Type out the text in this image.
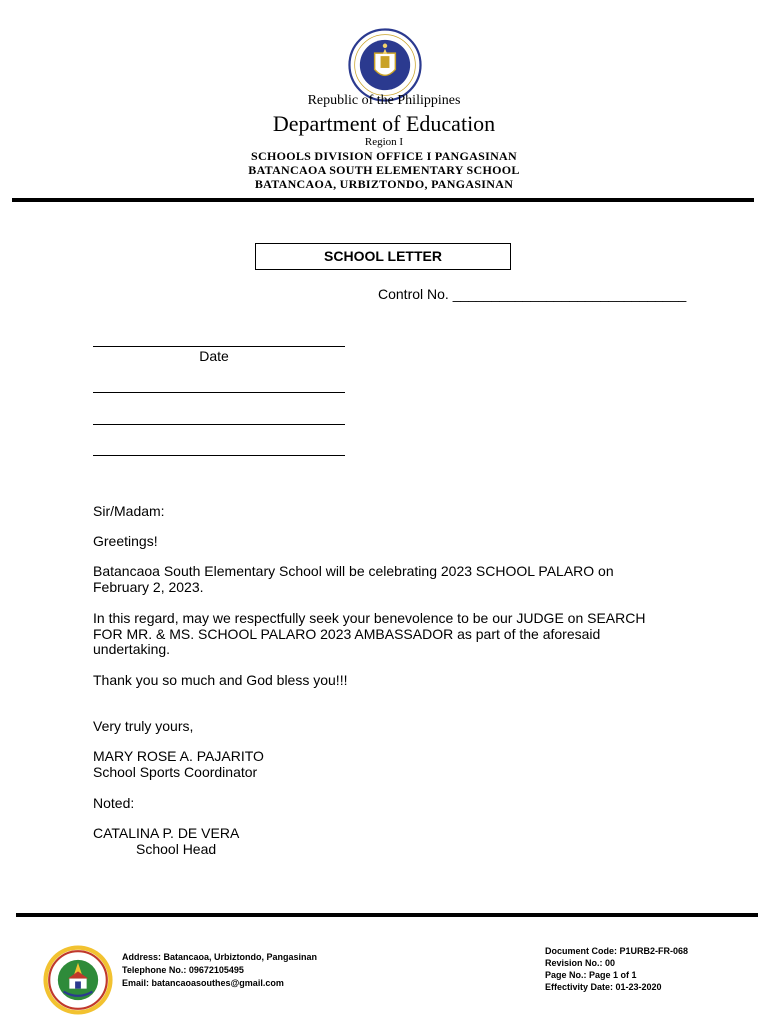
Republic of the Philippines
Department of Education
Region I
SCHOOLS DIVISION OFFICE I PANGASINAN
BATANCAOA SOUTH ELEMENTARY SCHOOL
BATANCAOA, URBIZTONDO, PANGASINAN
SCHOOL LETTER
Control No. ______________________________
Date
Sir/Madam:
Greetings!
Batancaoa South Elementary School will be celebrating 2023 SCHOOL PALARO on
February 2, 2023.
In this regard, may we respectfully seek your benevolence to be our JUDGE on SEARCH
FOR MR. & MS. SCHOOL PALARO 2023 AMBASSADOR as part of the aforesaid
undertaking.
Thank you so much and God bless you!!!
Very truly yours,
MARY ROSE A. PAJARITO
School Sports Coordinator
Noted:
CATALINA P. DE VERA
School Head
Address: Batancaoa, Urbiztondo, Pangasinan
Telephone No.: 09672105495
Email: batancaoasouthes@gmail.com
Document Code: P1URB2-FR-068
Revision No.: 00
Page No.: Page 1 of 1
Effectivity Date: 01-23-2020
